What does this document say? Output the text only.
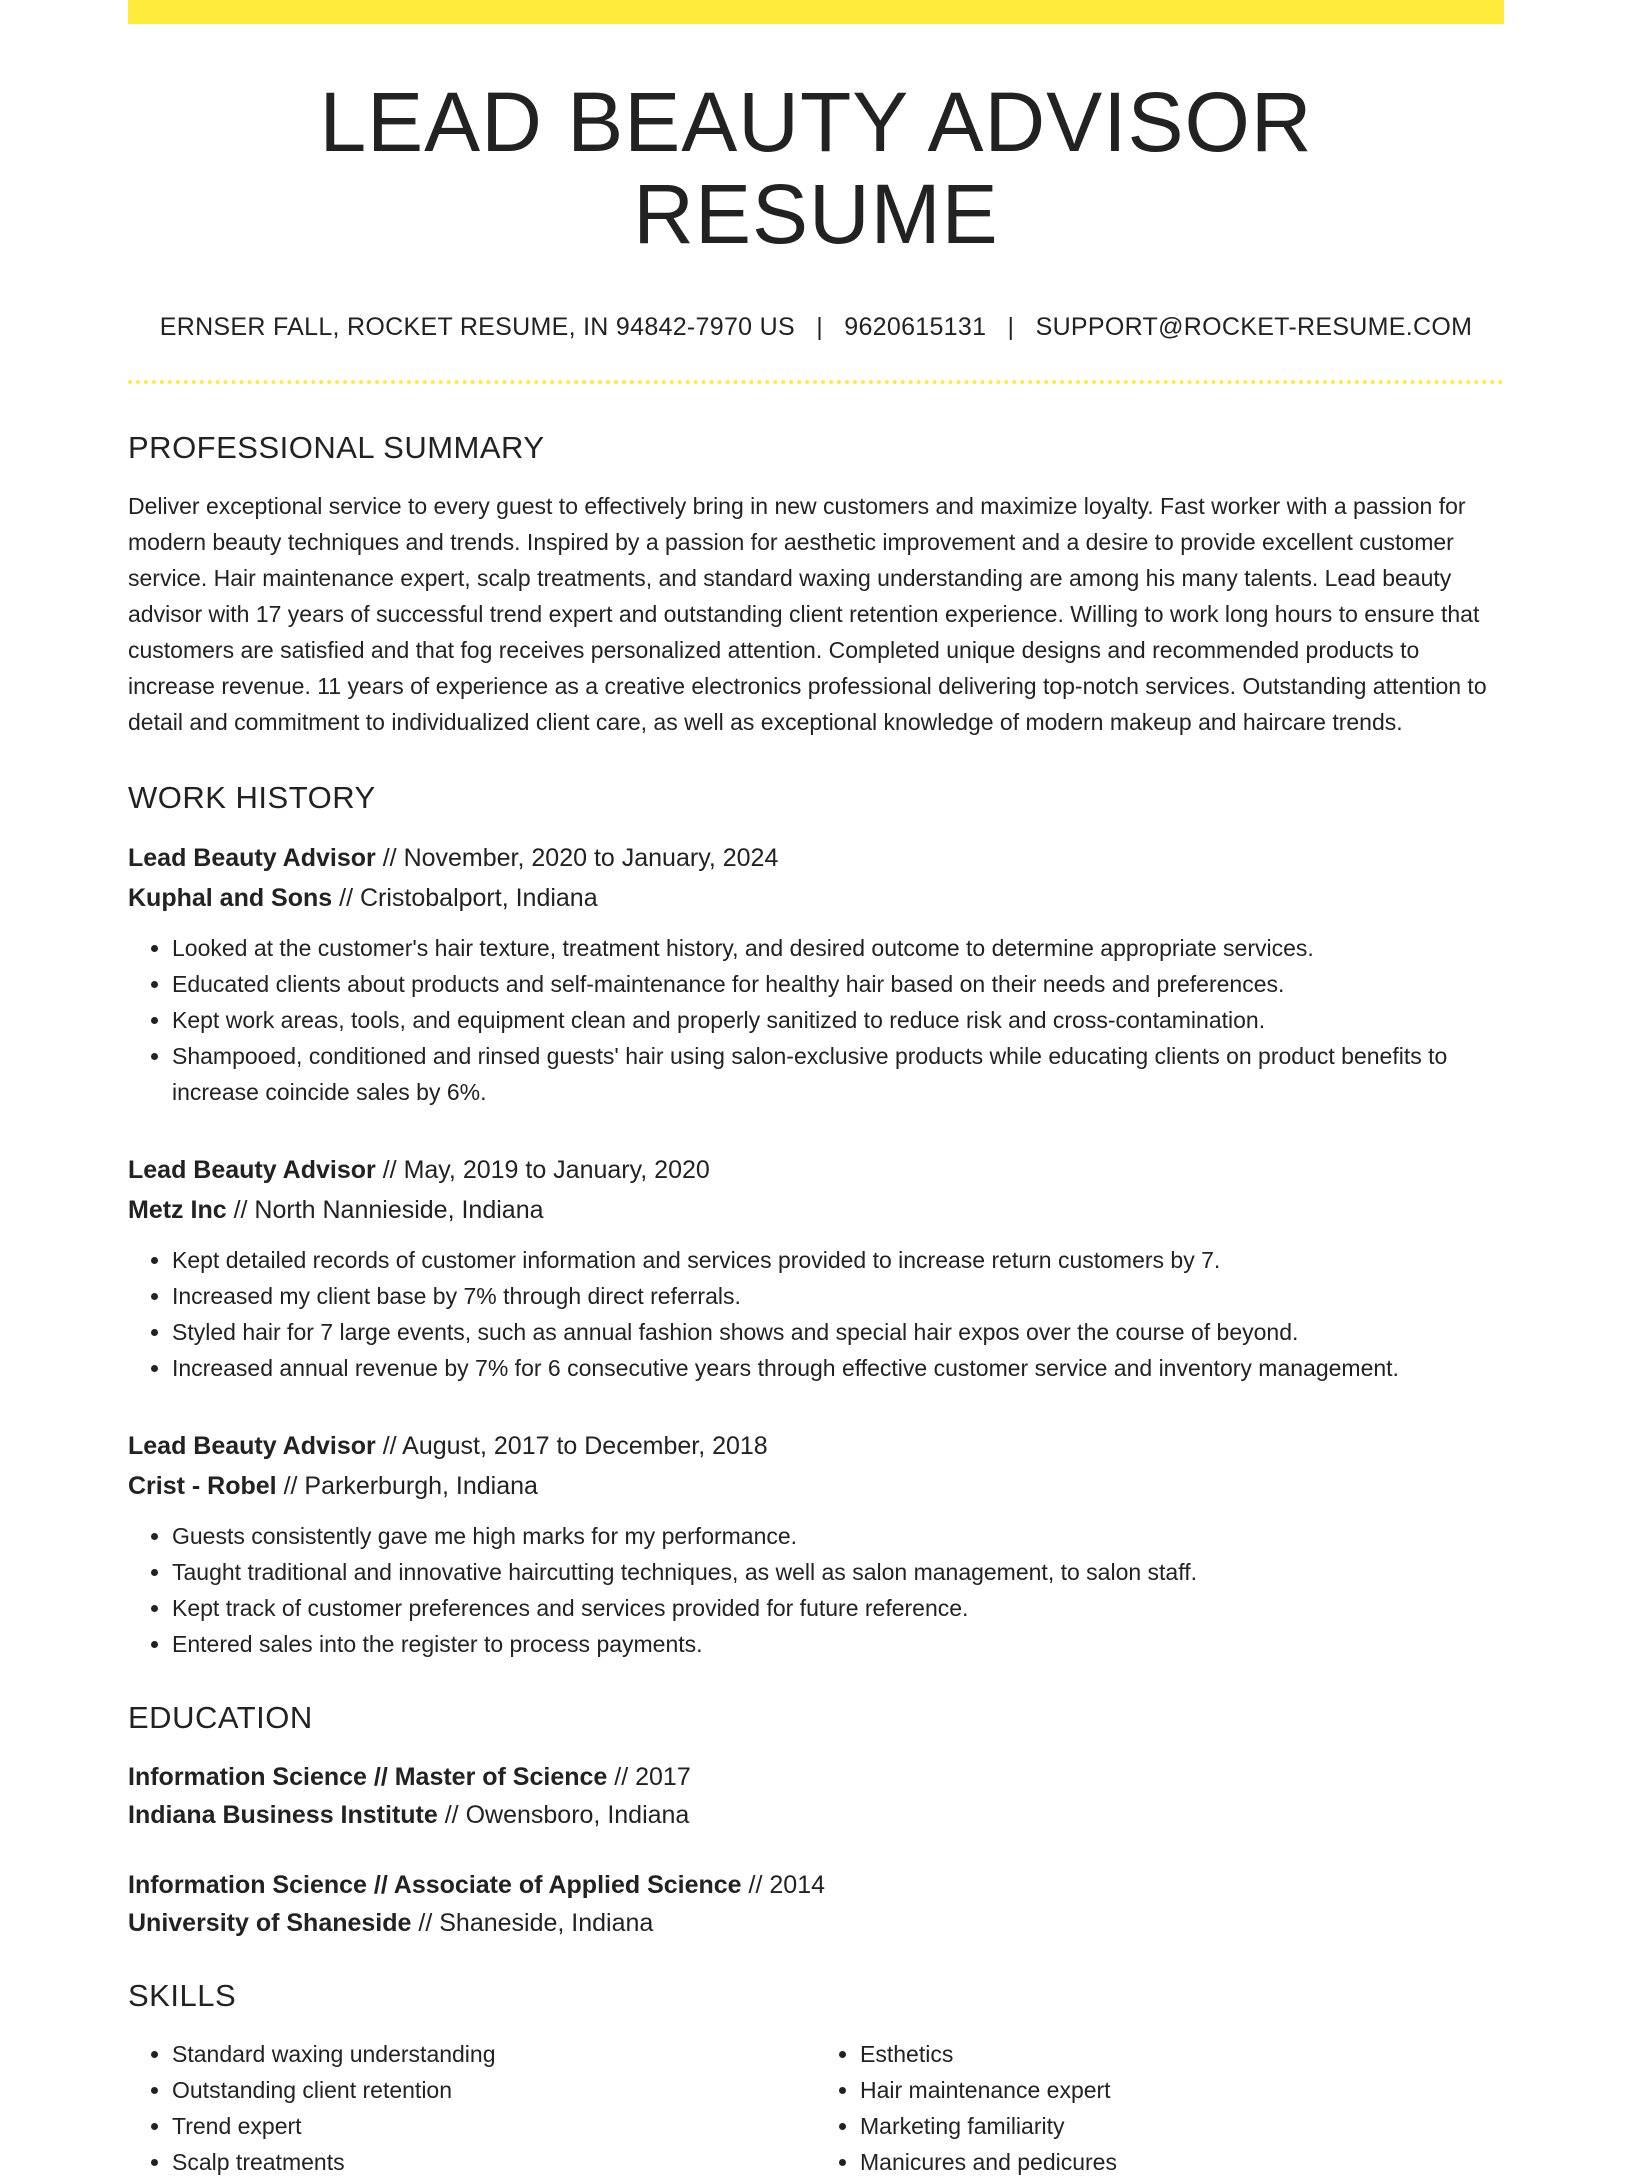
LEAD BEAUTY ADVISOR RESUME
ERNSER FALL, ROCKET RESUME, IN 94842-7970 US | 9620615131 | SUPPORT@ROCKET-RESUME.COM
PROFESSIONAL SUMMARY
Deliver exceptional service to every guest to effectively bring in new customers and maximize loyalty. Fast worker with a passion for modern beauty techniques and trends. Inspired by a passion for aesthetic improvement and a desire to provide excellent customer service. Hair maintenance expert, scalp treatments, and standard waxing understanding are among his many talents. Lead beauty advisor with 17 years of successful trend expert and outstanding client retention experience. Willing to work long hours to ensure that customers are satisfied and that fog receives personalized attention. Completed unique designs and recommended products to increase revenue. 11 years of experience as a creative electronics professional delivering top-notch services. Outstanding attention to detail and commitment to individualized client care, as well as exceptional knowledge of modern makeup and haircare trends.
WORK HISTORY
Lead Beauty Advisor // November, 2020 to January, 2024
Kuphal and Sons // Cristobalport, Indiana
• Looked at the customer's hair texture, treatment history, and desired outcome to determine appropriate services.
• Educated clients about products and self-maintenance for healthy hair based on their needs and preferences.
• Kept work areas, tools, and equipment clean and properly sanitized to reduce risk and cross-contamination.
• Shampooed, conditioned and rinsed guests' hair using salon-exclusive products while educating clients on product benefits to increase coincide sales by 6%.
Lead Beauty Advisor // May, 2019 to January, 2020
Metz Inc // North Nannieside, Indiana
• Kept detailed records of customer information and services provided to increase return customers by 7.
• Increased my client base by 7% through direct referrals.
• Styled hair for 7 large events, such as annual fashion shows and special hair expos over the course of beyond.
• Increased annual revenue by 7% for 6 consecutive years through effective customer service and inventory management.
Lead Beauty Advisor // August, 2017 to December, 2018
Crist - Robel // Parkerburgh, Indiana
• Guests consistently gave me high marks for my performance.
• Taught traditional and innovative haircutting techniques, as well as salon management, to salon staff.
• Kept track of customer preferences and services provided for future reference.
• Entered sales into the register to process payments.
EDUCATION
Information Science // Master of Science // 2017
Indiana Business Institute // Owensboro, Indiana
Information Science // Associate of Applied Science // 2014
University of Shaneside // Shaneside, Indiana
SKILLS
• Standard waxing understanding
• Outstanding client retention
• Trend expert
• Scalp treatments
• Esthetics
• Hair maintenance expert
• Marketing familiarity
• Manicures and pedicures
